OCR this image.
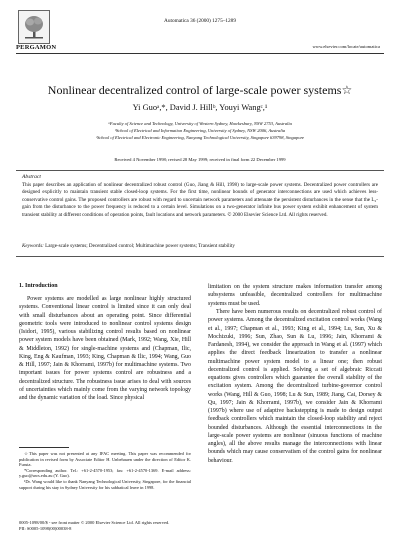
PERGAMON
Automatica 36 (2000) 1275–1289
www.elsevier.com/locate/automatica
Nonlinear decentralized control of large-scale power systems☆
Yi Guoᵃ,*, David J. Hillᵇ, Youyi Wangᶜ,¹
ᵃFaculty of Science and Technology, University of Western Sydney, Hawkesbury, NSW 2753, Australia
ᵇSchool of Electrical and Information Engineering, University of Sydney, NSW 2006, Australia
ᶜSchool of Electrical and Electronic Engineering, Nanyang Technological University, Singapore 639798, Singapore
Received 4 November 1998; revised 28 May 1999; received in final form 22 December 1999
Abstract
This paper describes an application of nonlinear decentralized robust control (Guo, Jiang & Hill, 1998) to large-scale power systems. Decentralized power controllers are designed explicitly to maintain transient stable closed-loop systems. For the first time, nonlinear bounds of generator interconnections are used which achieves less-conservative control gains. The proposed controllers are robust with regard to uncertain network parameters and attenuate the persistent disturbances in the sense that the L₂-gain from the disturbance to the power frequency is reduced to a certain level. Simulations on a two-generator infinite bus power system exhibit enhancement of system transient stability at different conditions of operation points, fault locations and network parameters. © 2000 Elsevier Science Ltd. All rights reserved.
Keywords: Large-scale systems; Decentralized control; Multimachine power systems; Transient stability
1. Introduction
Power systems are modelled as large nonlinear highly structured systems. Conventional linear control is limited since it can only deal with small disturbances about an operating point. Since differential geometric tools were introduced to nonlinear control systems design (Isidori, 1995), various stabilizing control results based on nonlinear power system models have been obtained (Mark, 1992; Wang, Xie, Hill & Middleton, 1992) for single-machine systems and (Chapman, Ilic, King, Eng & Kaufman, 1993; King, Chapman & Ilic, 1994; Wang, Guo & Hill, 1997; Jain & Khorrami, 1997b) for multimachine systems. Two important issues for power systems control are robustness and a decentralized structure. The robustness issue arises to deal with sources of uncertainties which mainly come from the varying network topology and the dynamic variation of the load. Since physical
limitation on the system structure makes information transfer among subsystems unfeasible, decentralized controllers for multimachine systems must be used.
There have been numerous results on decentralized robust control of power systems. Among the decentralized excitation control works (Wang et al., 1997; Chapman et al., 1993; King et al., 1994; Lu, Sun, Xu & Mochizuki, 1996; Sun, Zhao, Sun & Lu, 1996; Jain, Khorrami & Fardanesh, 1994), we consider the approach in Wang et al. (1997) which applies the direct feedback linearization to transfer a nonlinear multimachine power system model to a linear one; then robust decentralized control is applied. Solving a set of algebraic Riccati equations gives controllers which guarantee the overall stability of the excitation system. Among the decentralized turbine-governor control works (Wang, Hill & Guo, 1998; Lu & Sun, 1989; Jiang, Cai, Dorsey & Qu, 1997; Jain & Khorrami, 1997b), we consider Jain & Khorrami (1997b) where use of adaptive backstepping is made to design output feedback controllers which maintain the closed-loop stability and reject bounded disturbances. Although the essential interconnections in the large-scale power systems are nonlinear (sinuous functions of machine angles), all the above results manage the interconnections with linear bounds which may cause conservatism of the control gains for nonlinear behaviour.

☆This paper was not presented at any IFAC meeting. This paper was recommended for publication in revised form by Associate Editor H. Unbehauen under the direction of Editor K. Furuta.

*Corresponding author. Tel.: +61-2-4570-1953; fax: +61-2-4570-1369. E-mail address: y.guo@uws.edu.au (Y. Guo).

¹Dr. Wang would like to thank Nanyang Technological University, Singapore, for the financial support during his stay in Sydney University for his sabbatical leave in 1998.

0005-1098/00/$ - see front matter © 2000 Elsevier Science Ltd. All rights reserved.
PII: S0005-1098(00)00038-8
